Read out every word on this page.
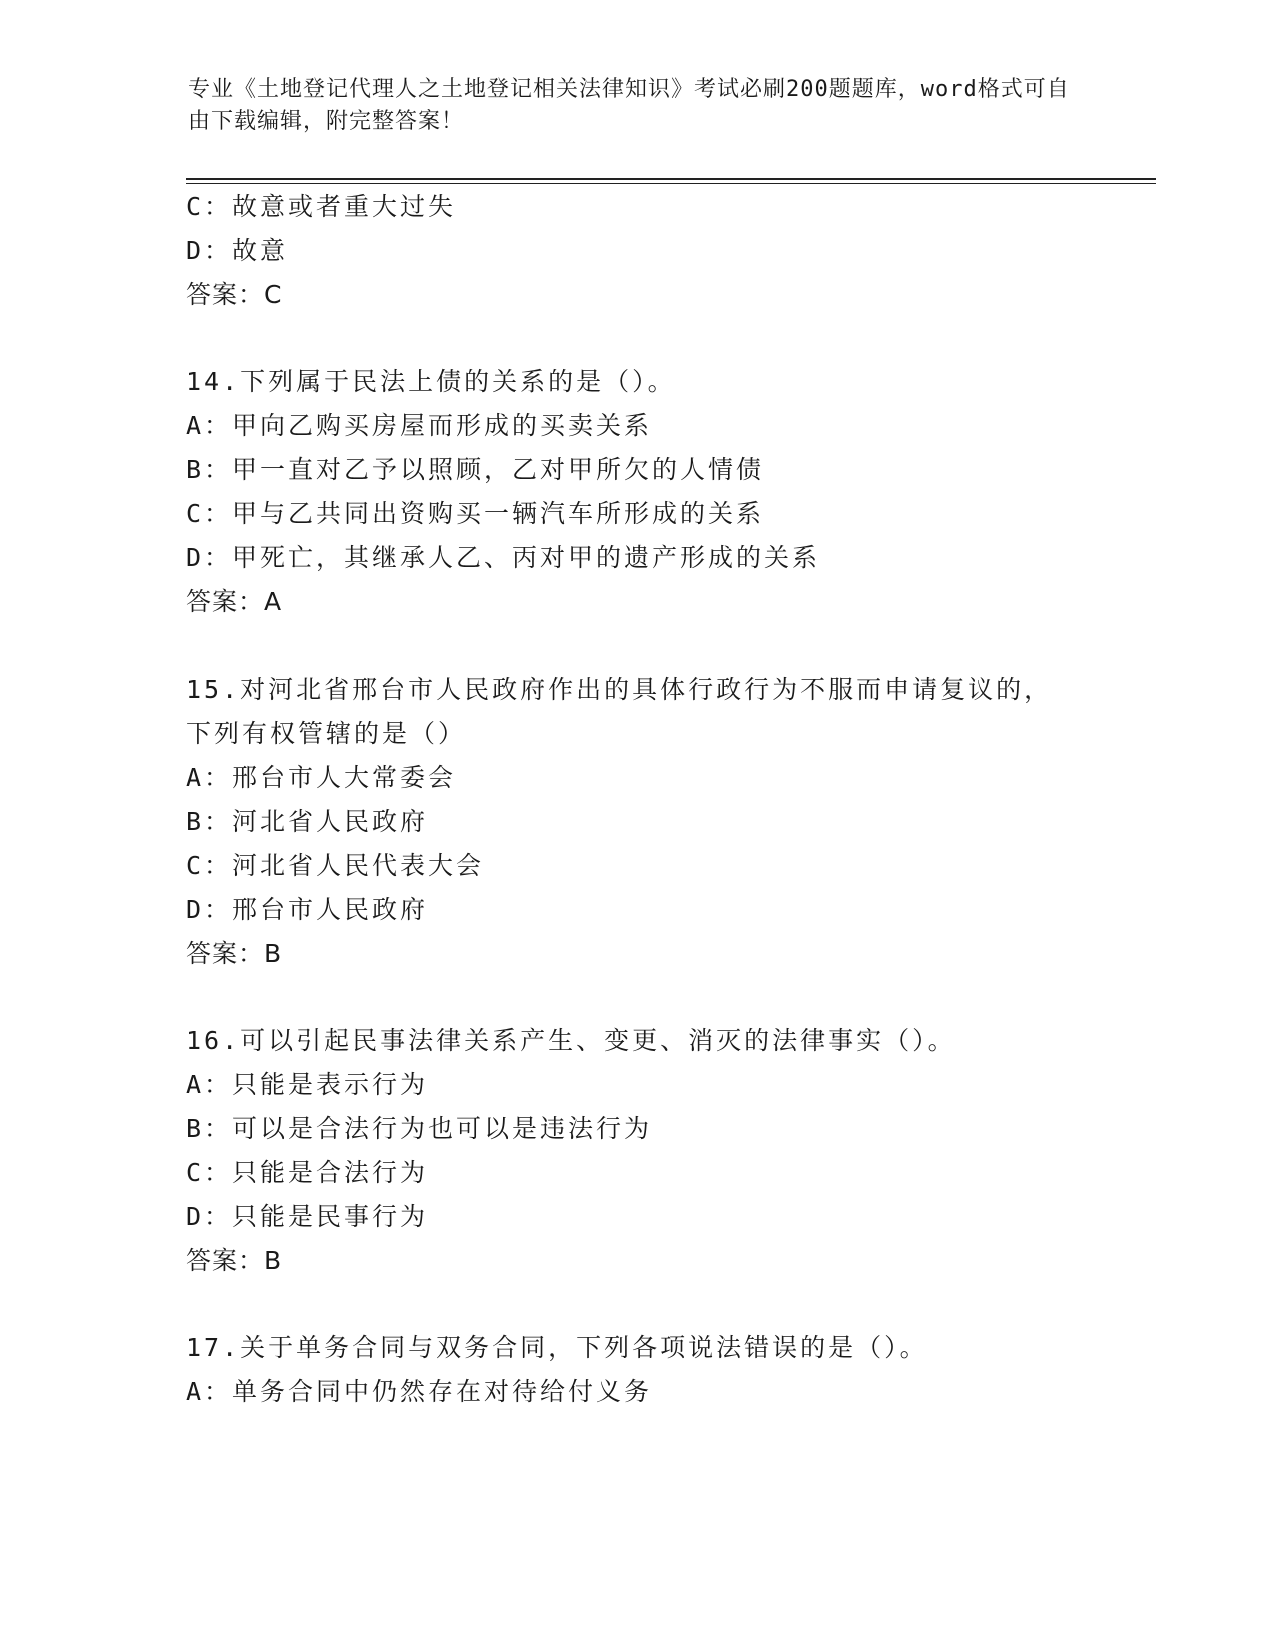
专业《土地登记代理人之土地登记相关法律知识》考试必刷200题题库，word格式可自由下载编辑，附完整答案！
C：故意或者重大过失
D：故意
答案：C
14.下列属于民法上债的关系的是（）。
A：甲向乙购买房屋而形成的买卖关系
B：甲一直对乙予以照顾，乙对甲所欠的人情债
C：甲与乙共同出资购买一辆汽车所形成的关系
D：甲死亡，其继承人乙、丙对甲的遗产形成的关系
答案：A
15.对河北省邢台市人民政府作出的具体行政行为不服而申请复议的，
下列有权管辖的是（）
A：邢台市人大常委会
B：河北省人民政府
C：河北省人民代表大会
D：邢台市人民政府
答案：B
16.可以引起民事法律关系产生、变更、消灭的法律事实（）。
A：只能是表示行为
B：可以是合法行为也可以是违法行为
C：只能是合法行为
D：只能是民事行为
答案：B
17.关于单务合同与双务合同，下列各项说法错误的是（）。
A：单务合同中仍然存在对待给付义务
